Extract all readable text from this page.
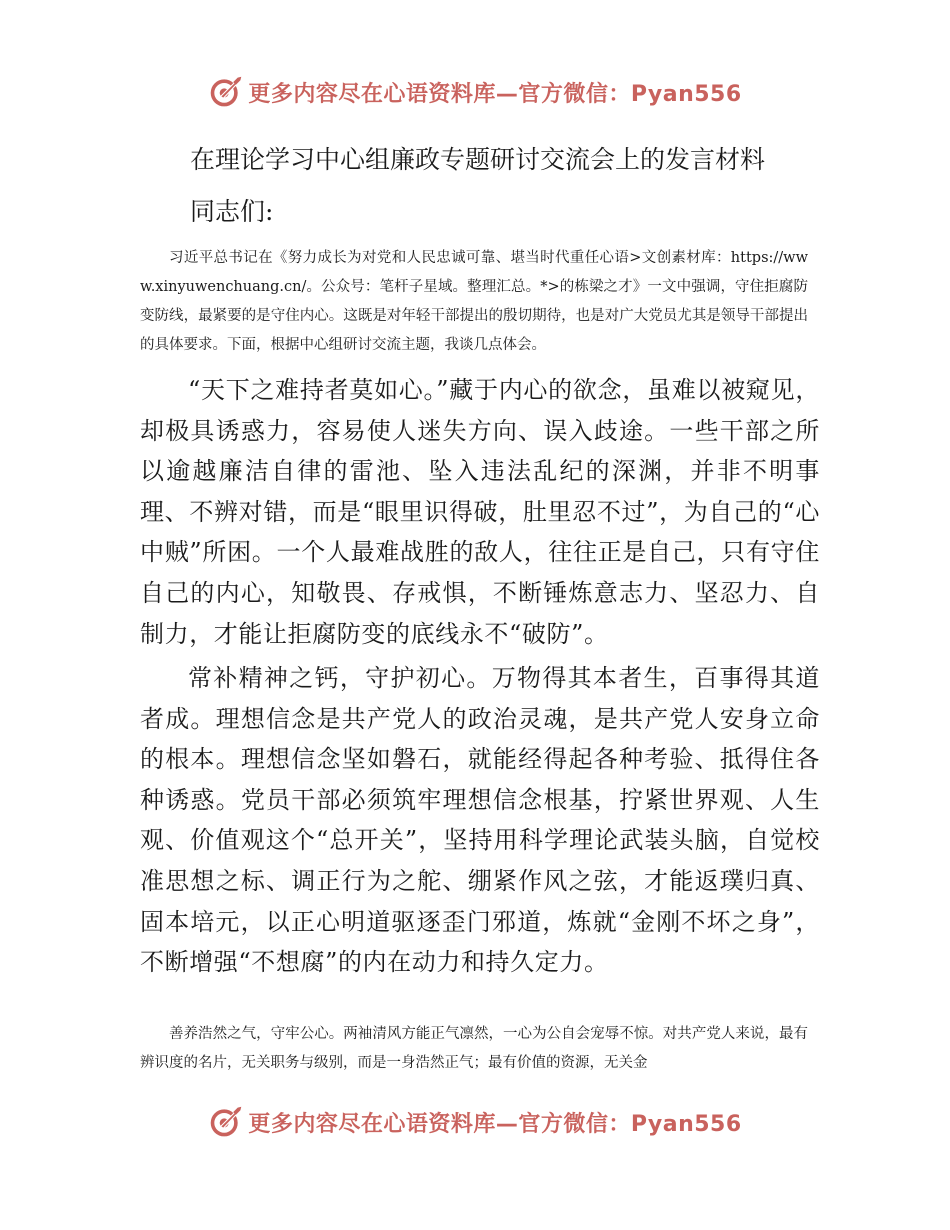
更多内容尽在心语资料库—官方微信：Pyan556
在理论学习中心组廉政专题研讨交流会上的发言材料

同志们:

习近平总书记在《努力成长为对党和人民忠诚可靠、堪当时代重任心语>文创素材库：https://www.xinyuwenchuang.cn/。公众号：笔杆子星域。整理汇总。*>的栋梁之才》一文中强调，守住拒腐防变防线，最紧要的是守住内心。这既是对年轻干部提出的殷切期待，也是对广大党员尤其是领导干部提出的具体要求。下面，根据中心组研讨交流主题，我谈几点体会。

“天下之难持者莫如心。”藏于内心的欲念，虽难以被窥见，却极具诱惑力，容易使人迷失方向、误入歧途。一些干部之所以逾越廉洁自律的雷池、坠入违法乱纪的深渊，并非不明事理、不辨对错，而是“眼里识得破，肚里忍不过”，为自己的“心中贼”所困。一个人最难战胜的敌人，往往正是自己，只有守住自己的内心，知敬畏、存戒惧，不断锤炼意志力、坚忍力、自制力，才能让拒腐防变的底线永不“破防”。

常补精神之钙，守护初心。万物得其本者生，百事得其道者成。理想信念是共产党人的政治灵魂，是共产党人安身立命的根本。理想信念坚如磐石，就能经得起各种考验、抵得住各种诱惑。党员干部必须筑牢理想信念根基，拧紧世界观、人生观、价值观这个“总开关”，坚持用科学理论武装头脑，自觉校准思想之标、调正行为之舵、绷紧作风之弦，才能返璞归真、固本培元，以正心明道驱逐歪门邪道，炼就“金刚不坏之身”，不断增强“不想腐”的内在动力和持久定力。

善养浩然之气，守牢公心。两袖清风方能正气凛然，一心为公自会宠辱不惊。对共产党人来说，最有辨识度的名片，无关职务与级别，而是一身浩然正气；最有价值的资源，无关金

更多内容尽在心语资料库—官方微信：Pyan556
